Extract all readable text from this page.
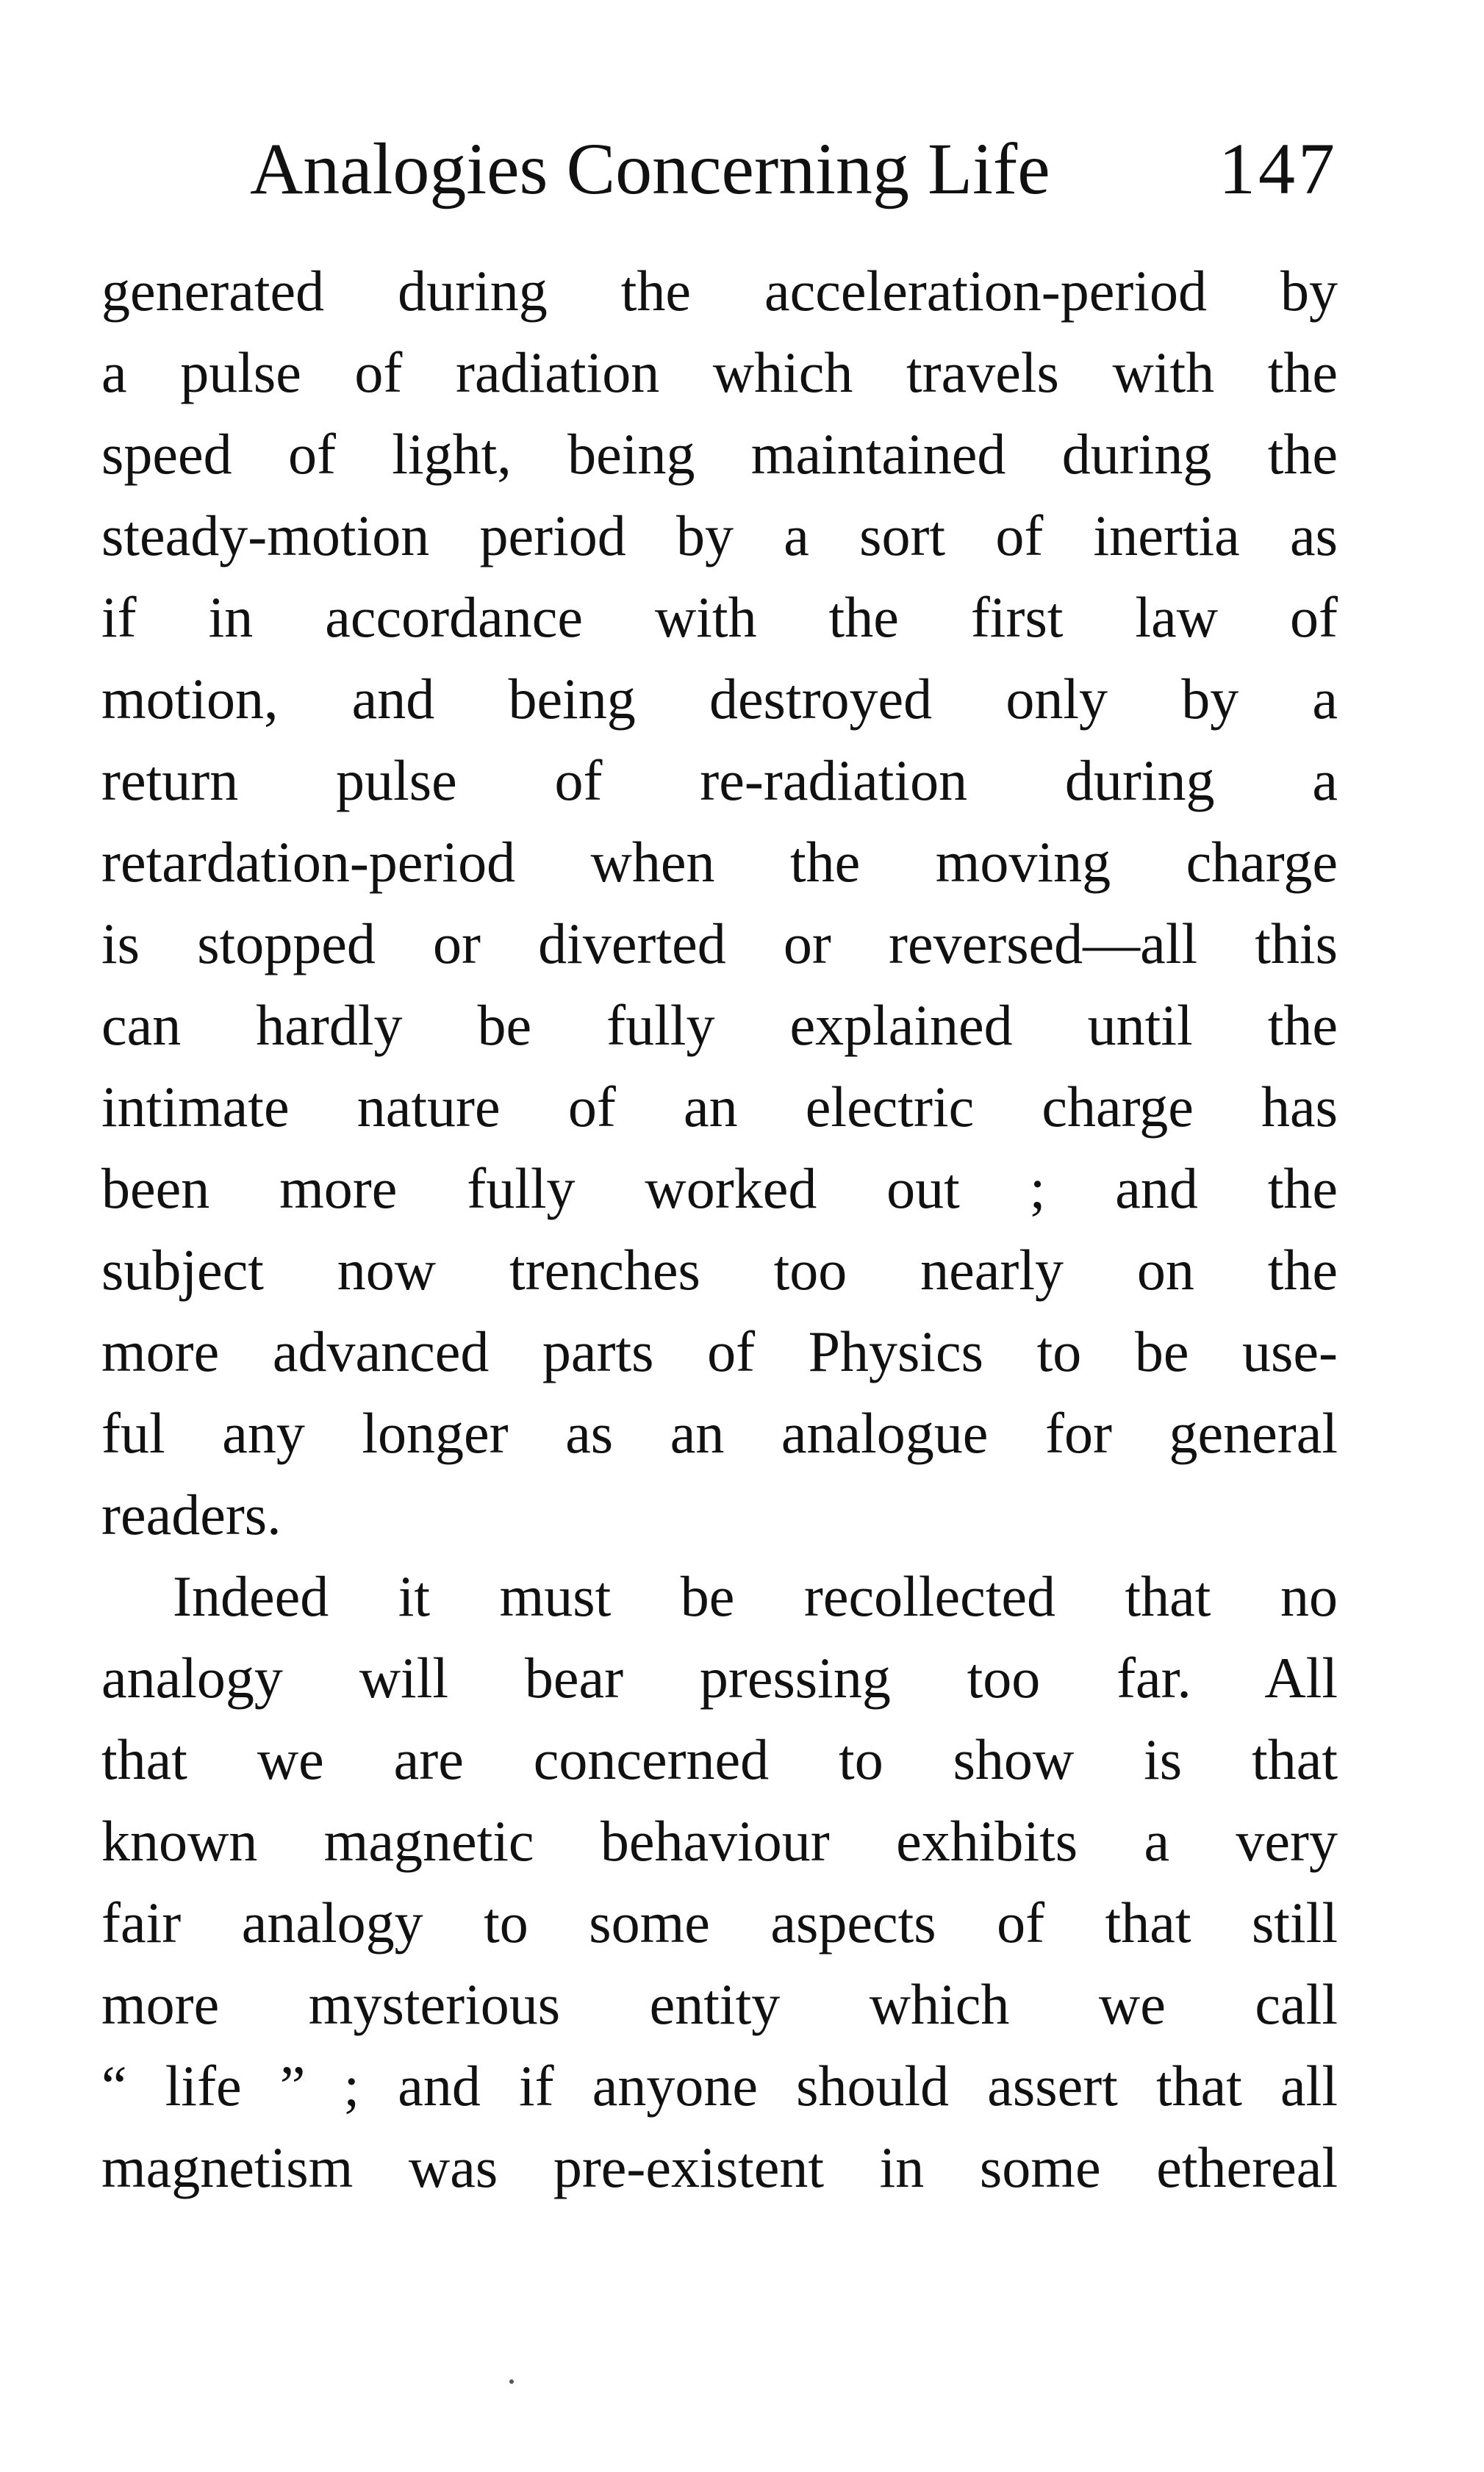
Analogies Concerning Life 147
generated during the acceleration-period by
a pulse of radiation which travels with the
speed of light, being maintained during the
steady-motion period by a sort of inertia as
if in accordance with the first law of
motion, and being destroyed only by a
return pulse of re-radiation during a
retardation-period when the moving charge
is stopped or diverted or reversed—all this
can hardly be fully explained until the
intimate nature of an electric charge has
been more fully worked out ; and the
subject now trenches too nearly on the
more advanced parts of Physics to be use-
ful any longer as an analogue for general
readers.
Indeed it must be recollected that no
analogy will bear pressing too far. All
that we are concerned to show is that
known magnetic behaviour exhibits a very
fair analogy to some aspects of that still
more mysterious entity which we call
“ life ” ; and if anyone should assert that all
magnetism was pre-existent in some ethereal
